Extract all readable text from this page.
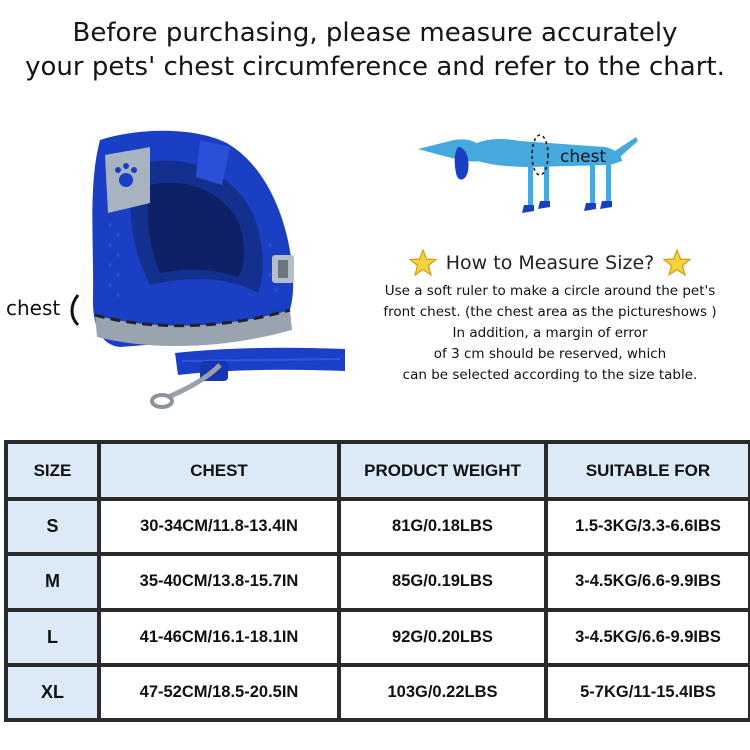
Before purchasing, please measure accurately
your pets' chest circumference and refer to the chart.
chest
chest
How to Measure Size?
Use a soft ruler to make a circle around the pet's
front chest. (the chest area as the pictureshows )
In addition, a margin of error
of 3 cm should be reserved, which
can be selected according to the size table.
SIZE	CHEST	PRODUCT WEIGHT	SUITABLE FOR
S	30-34CM/11.8-13.4IN	81G/0.18LBS	1.5-3KG/3.3-6.6IBS
M	35-40CM/13.8-15.7IN	85G/0.19LBS	3-4.5KG/6.6-9.9IBS
L	41-46CM/16.1-18.1IN	92G/0.20LBS	3-4.5KG/6.6-9.9IBS
XL	47-52CM/18.5-20.5IN	103G/0.22LBS	5-7KG/11-15.4IBS
